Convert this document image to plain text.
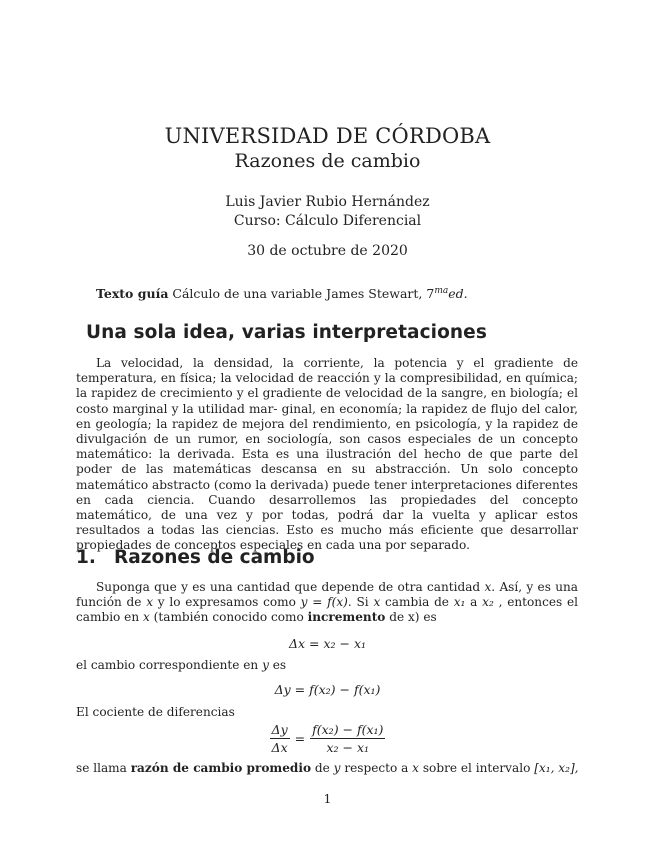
UNIVERSIDAD DE CÓRDOBA
Razones de cambio
Luis Javier Rubio Hernández
Curso: Cálculo Diferencial
30 de octubre de 2020
Texto guía Cálculo de una variable James Stewart, $7^{ma}ed$.
Una sola idea, varias interpretaciones
La velocidad, la densidad, la corriente, la potencia y el gradiente de temperatura, en física; la velocidad de reacción y la compresibilidad, en química; la rapidez de crecimiento y el gradiente de velocidad de la sangre, en biología; el costo marginal y la utilidad mar- ginal, en economía; la rapidez de flujo del calor, en geología; la rapidez de mejora del rendimiento, en psicología, y la rapidez de divulgación de un rumor, en sociología, son casos especiales de un concepto matemático: la derivada. Esta es una ilustración del hecho de que parte del poder de las matemáticas descansa en su abstracción. Un solo concepto matemático abstracto (como la derivada) puede tener interpretaciones diferentes en cada ciencia. Cuando desarrollemos las propiedades del concepto matemático, de una vez y por todas, podrá dar la vuelta y aplicar estos resultados a todas las ciencias. Esto es mucho más eficiente que desarrollar propiedades de conceptos especiales en cada una por separado.
1. Razones de cambio
Suponga que y es una cantidad que depende de otra cantidad x. Así, y es una función de x y lo expresamos como y = f(x). Si x cambia de x₁ a x₂ , entonces el cambio en x (también conocido como incremento de x) es
Δx = x₂ − x₁
el cambio correspondiente en y es
Δy = f(x₂) − f(x₁)
El cociente de diferencias
$\frac{\Delta y}{\Delta x} = \frac{\text{f(x₂) − f(x₁)}}{\text{x₂ − x₁}}$
se llama razón de cambio promedio de y respecto a x sobre el intervalo [x₁, x₂],
1
